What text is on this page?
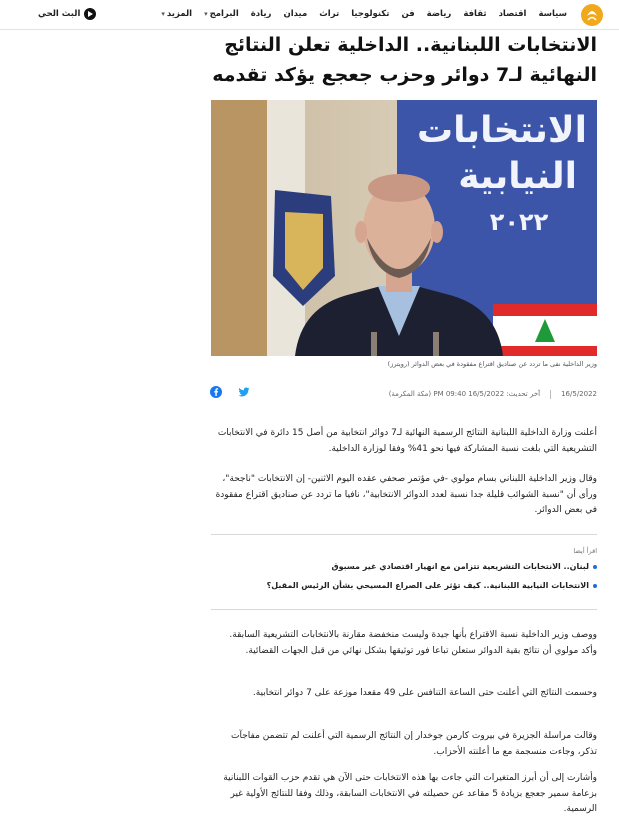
سياسة
اقتصاد
ثقافة
رياضة
فن
تكنولوجيا
تراث
ميدان
ريادة
البرامج
▾
المزيد
▾
البث الحي
الانتخابات اللبنانية.. الداخلية تعلن النتائج النهائية لـ7 دوائر وحزب جعجع يؤكد تقدمه
الانتخابات
النيابية
٢٠٢٢
وزير الداخلية نفى ما تردد عن صناديق اقتراع مفقودة في بعض الدوائر (رويترز)
16/5/2022
آخر تحديث:

16/5/2022

09:40 PM (مكة المكرمة)

أعلنت وزارة الداخلية اللبنانية النتائج الرسمية النهائية لـ7 دوائر انتخابية من أصل 15 دائرة في الانتخابات التشريعية التي بلغت نسبة المشاركة فيها نحو 41% وفقا لوزارة الداخلية.

وقال وزير الداخلية اللبناني بسام مولوي -في مؤتمر صحفي عقده اليوم الاثنين- إن الانتخابات "ناجحة"، ورأى أن "نسبة الشوائب قليلة جدا نسبة لعدد الدوائر الانتخابية"، نافيا ما تردد عن صناديق اقتراع مفقودة في بعض الدوائر.

اقرأ أيضا
لبنان.. الانتخابات التشريعية تتزامن مع انهيار اقتصادي غير مسبوق
الانتخابات النيابية اللبنانية.. كيف تؤثر على الصراع المسيحي بشأن الرئيس المقبل؟

ووصف وزير الداخلية نسبة الاقتراع بأنها جيدة وليست منخفضة مقارنة بالانتخابات التشريعية السابقة. وأكد مولوي أن نتائج بقية الدوائر ستعلن تباعا فور توثيقها بشكل نهائي من قبل الجهات القضائية.

وحسمت النتائج التي أعلنت حتى الساعة التنافس على 49 مقعدا موزعة على 7 دوائر انتخابية.

وقالت مراسلة الجزيرة في بيروت كارمن جوخدار إن النتائج الرسمية التي أعلنت لم تتضمن مفاجآت تذكر، وجاءت منسجمة مع ما أعلنته الأحزاب.

وأشارت إلى أن أبرز المتغيرات التي جاءت بها هذه الانتخابات حتى الآن هي تقدم حزب القوات اللبنانية بزعامة سمير جعجع بزيادة 5 مقاعد عن حصيلته في الانتخابات السابقة، وذلك وفقا للنتائج الأولية غير الرسمية.
